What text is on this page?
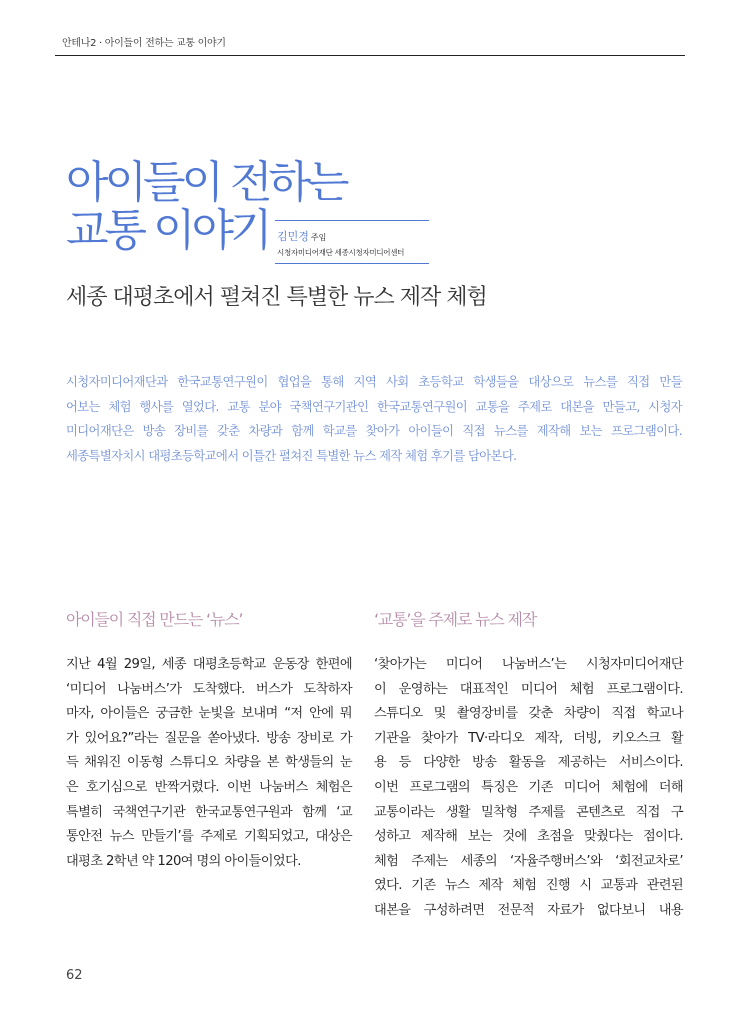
안테나2 · 아이들이 전하는 교통 이야기
아이들이 전하는
교통 이야기 김민경 주임
시청자미디어재단 세종시청자미디어센터
세종 대평초에서 펼쳐진 특별한 뉴스 제작 체험
시청자미디어재단과 한국교통연구원이 협업을 통해 지역 사회 초등학교 학생들을 대상으로 뉴스를 직접 만들
어보는 체험 행사를 열었다. 교통 분야 국책연구기관인 한국교통연구원이 교통을 주제로 대본을 만들고, 시청자
미디어재단은 방송 장비를 갖춘 차량과 함께 학교를 찾아가 아이들이 직접 뉴스를 제작해 보는 프로그램이다.
세종특별자치시 대평초등학교에서 이틀간 펼쳐진 특별한 뉴스 제작 체험 후기를 담아본다.
아이들이 직접 만드는 ‘뉴스’	‘교통’을 주제로 뉴스 제작
지난 4월 29일, 세종 대평초등학교 운동장 한편에
‘미디어 나눔버스’가 도착했다. 버스가 도착하자
마자, 아이들은 궁금한 눈빛을 보내며 “저 안에 뭐
가 있어요?”라는 질문을 쏟아냈다. 방송 장비로 가
득 채워진 이동형 스튜디오 차량을 본 학생들의 눈
은 호기심으로 반짝거렸다. 이번 나눔버스 체험은
특별히 국책연구기관 한국교통연구원과 함께 ‘교
통안전 뉴스 만들기’를 주제로 기획되었고, 대상은
대평초 2학년 약 120여 명의 아이들이었다.
‘찾아가는 미디어 나눔버스’는 시청자미디어재단
이 운영하는 대표적인 미디어 체험 프로그램이다.
스튜디오 및 촬영장비를 갖춘 차량이 직접 학교나
기관을 찾아가 TV·라디오 제작, 더빙, 키오스크 활
용 등 다양한 방송 활동을 제공하는 서비스이다.
이번 프로그램의 특징은 기존 미디어 체험에 더해
교통이라는 생활 밀착형 주제를 콘텐츠로 직접 구
성하고 제작해 보는 것에 초점을 맞췄다는 점이다.
체험 주제는 세종의 ‘자율주행버스’와 ‘회전교차로’
였다. 기존 뉴스 제작 체험 진행 시 교통과 관련된
대본을 구성하려면 전문적 자료가 없다보니 내용
62
